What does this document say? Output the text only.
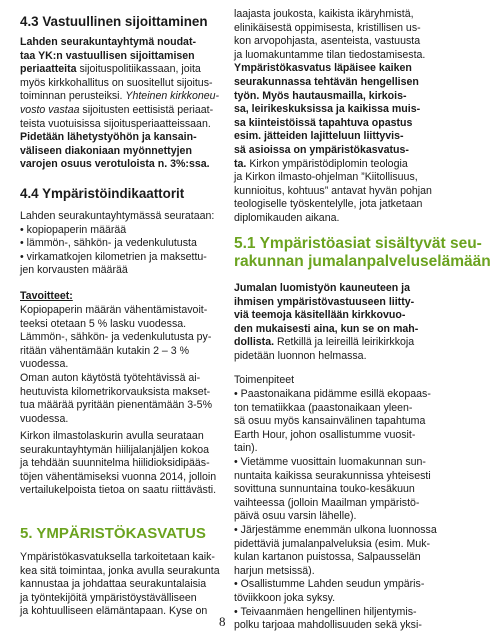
4.3 Vastuullinen sijoittaminen
Lahden seurakuntayhtymä noudat-
taa YK:n vastuullisen sijoittamisen
periaatteita sijoituspolitiikassaan, joita
myös kirkkohallitus on suositellut sijoitus-
toiminnan perusteiksi. Yhteinen kirkkoneu-
vosto vastaa sijoitusten eettisistä periaat-
teista vuotuisissa sijoitusperiaatteissaan.
Pidetään lähetystyöhön ja kansain-
väliseen diakoniaan myönnettyjen
varojen osuus verotuloista n. 3%:ssa.
4.4 Ympäristöindikaattorit
Lahden seurakuntayhtymässä seurataan:
• kopiopaperin määrää
• lämmön-, sähkön- ja vedenkulutusta
• virkamatkojen kilometrien ja maksettu-
jen korvausten määrää
Tavoitteet:
Kopiopaperin määrän vähentämistavoit-
teeksi otetaan 5 % lasku vuodessa.
Lämmön-, sähkön- ja vedenkulutusta py-
ritään vähentämään kutakin 2 – 3 %
vuodessa.
Oman auton käytöstä työtehtävissä ai-
heutuvista kilometrikorvauksista makset-
tua määrää pyritään pienentämään 3-5%
vuodessa.
Kirkon ilmastolaskurin avulla seurataan
seurakuntayhtymän hiilijalanjäljen kokoa
ja tehdään suunnitelma hiilidioksidipääs-
töjen vähentämiseksi vuonna 2014, jolloin
vertailukelpoista tietoa on saatu riittävästi.
5. YMPÄRISTÖKASVATUS
Ympäristökasvatuksella tarkoitetaan kaik-
kea sitä toimintaa, jonka avulla seurakunta
kannustaa ja johdattaa seurakuntalaisia
ja työntekijöitä ympäristöystävälliseen
ja kohtuulliseen elämäntapaan. Kyse on
laajasta joukosta, kaikista ikäryhmistä,
elinikäisestä oppimisesta, kristillisen us-
kon arvopohjasta, asenteista, vastuusta
ja luomakuntamme tilan tiedostamisesta.
Ympäristökasvatus läpäisee kaiken
seurakunnassa tehtävän hengellisen
työn. Myös hautausmailla, kirkois-
sa, leirikeskuksissa ja kaikissa muis-
sa kiinteistöissä tapahtuva opastus
esim. jätteiden lajitteluun liittyvis-
sä asioissa on ympäristökasvatus-
ta. Kirkon ympäristödiplomin teologia
ja Kirkon ilmasto-ohjelman ”Kiitollisuus,
kunnioitus, kohtuus” antavat hyvän pohjan
teologiselle työskentelylle, jota jatketaan
diplomikauden aikana.
5.1 Ympäristöasiat sisältyvät seu-
rakunnan jumalanpalveluselämään
Jumalan luomistyön kauneuteen ja
ihmisen ympäristövastuuseen liitty-
viä teemoja käsitellään kirkkovuo-
den mukaisesti aina, kun se on mah-
dollista. Retkillä ja leireillä leirikirkkoja
pidetään luonnon helmassa.
Toimenpiteet
• Paastonaikana pidämme esillä ekopaas-
ton tematiikkaa (paastonaikaan yleen-
sä osuu myös kansainvälinen tapahtuma
Earth Hour, johon osallistumme vuosit-
tain).
• Vietämme vuosittain luomakunnan sun-
nuntaita kaikissa seurakunnissa yhteisesti
sovittuna sunnuntaina touko-kesäkuun
vaihteessa (jolloin Maailman ympäristö-
päivä osuu varsin lähelle).
• Järjestämme enemmän ulkona luonnossa
pidettäviä jumalanpalveluksia (esim. Muk-
kulan kartanon puistossa, Salpausselän
harjun metsissä).
• Osallistumme Lahden seudun ympäris-
töviikkoon joka syksy.
• Teivaanmäen hengellinen hiljentymis-
polku tarjoaa mahdollisuuden sekä yksi-
8
